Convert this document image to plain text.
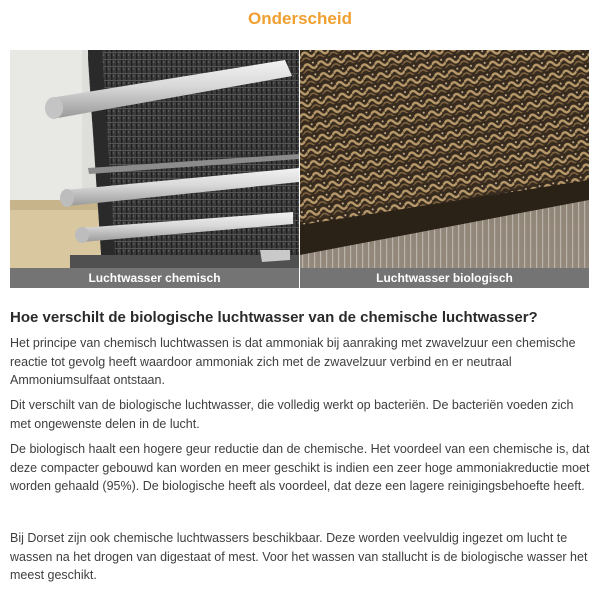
Onderscheid
Luchtwasser chemisch	Luchtwasser biologisch
Hoe verschilt de biologische luchtwasser van de chemische luchtwasser?

Het principe van chemisch luchtwassen is dat ammoniak bij aanraking met zwavelzuur een chemische reactie tot gevolg heeft waardoor ammoniak zich met de zwavelzuur verbind en er neutraal Ammoniumsulfaat ontstaan.

Dit verschilt van de biologische luchtwasser, die volledig werkt op bacteriën. De bacteriën voeden zich met ongewenste delen in de lucht.

De biologisch haalt een hogere geur reductie dan de chemische. Het voordeel van een chemische is, dat deze compacter gebouwd kan worden en meer geschikt is indien een zeer hoge ammoniakreductie moet worden gehaald (95%). De biologische heeft als voordeel, dat deze een lagere reinigingsbehoefte heeft.

Bij Dorset zijn ook chemische luchtwassers beschikbaar. Deze worden veelvuldig ingezet om lucht te wassen na het drogen van digestaat of mest. Voor het wassen van stallucht is de biologische wasser het meest geschikt.
